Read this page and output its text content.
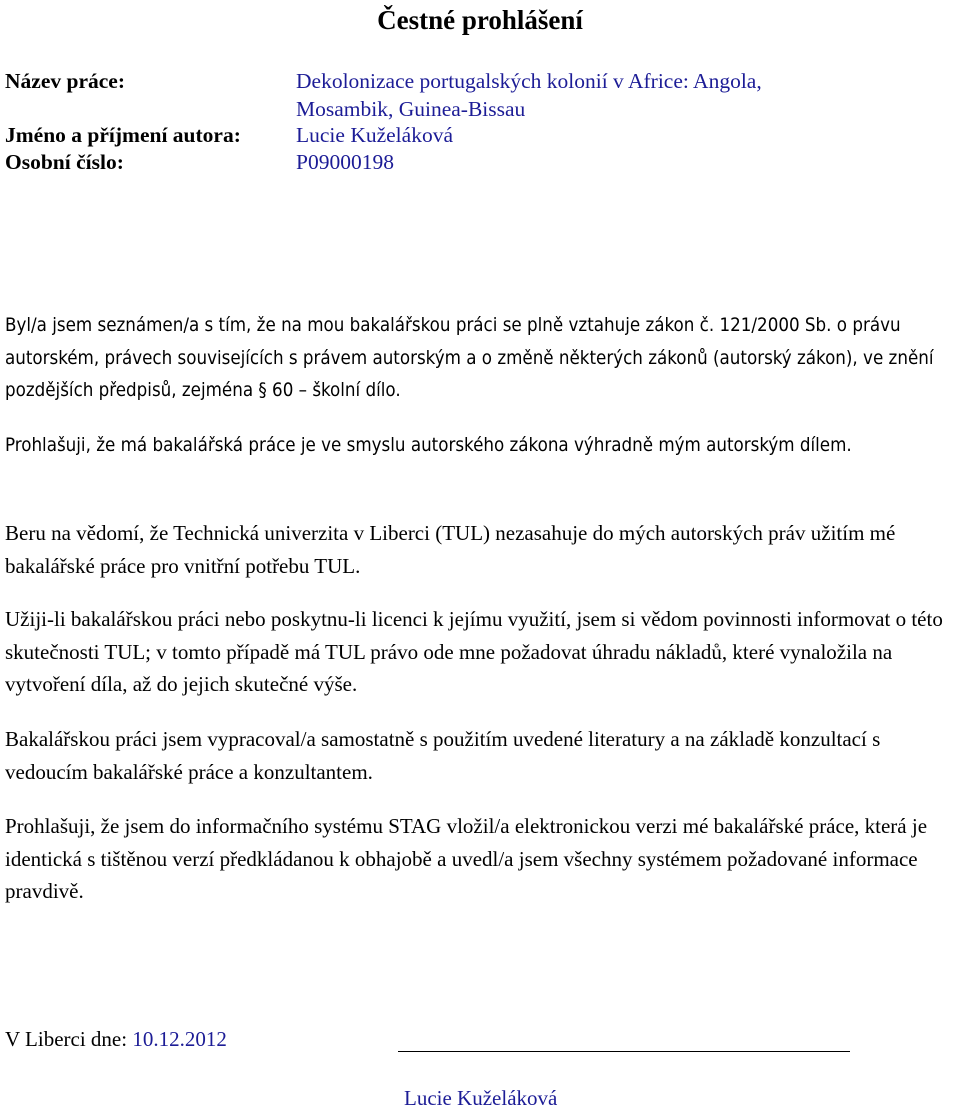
Čestné prohlášení
Název práce:	Dekolonizace portugalských kolonií v Africe: Angola,
Mosambik, Guinea-Bissau
Jméno a příjmení autora:	Lucie Kuželáková
Osobní číslo:	P09000198

Byl/a jsem seznámen/a s tím, že na mou bakalářskou práci se plně vztahuje zákon č. 121/2000 Sb. o právu autorském, právech souvisejících s právem autorským a o změně některých zákonů (autorský zákon), ve znění pozdějších předpisů, zejména § 60 – školní dílo.

Prohlašuji, že má bakalářská práce je ve smyslu autorského zákona výhradně mým autorským dílem.

Beru na vědomí, že Technická univerzita v Liberci (TUL) nezasahuje do mých autorských práv užitím mé bakalářské práce pro vnitřní potřebu TUL.

Užiji-li bakalářskou práci nebo poskytnu-li licenci k jejímu využití, jsem si vědom povinnosti informovat o této skutečnosti TUL; v tomto případě má TUL právo ode mne požadovat úhradu nákladů, které vynaložila na vytvoření díla, až do jejich skutečné výše.

Bakalářskou práci jsem vypracoval/a samostatně s použitím uvedené literatury a na základě konzultací s vedoucím bakalářské práce a konzultantem.

Prohlašuji, že jsem do informačního systému STAG vložil/a elektronickou verzi mé bakalářské práce, která je identická s tištěnou verzí předkládanou k obhajobě a uvedl/a jsem všechny systémem požadované informace pravdivě.

V Liberci dne: 10.12.2012
Lucie Kuželáková
